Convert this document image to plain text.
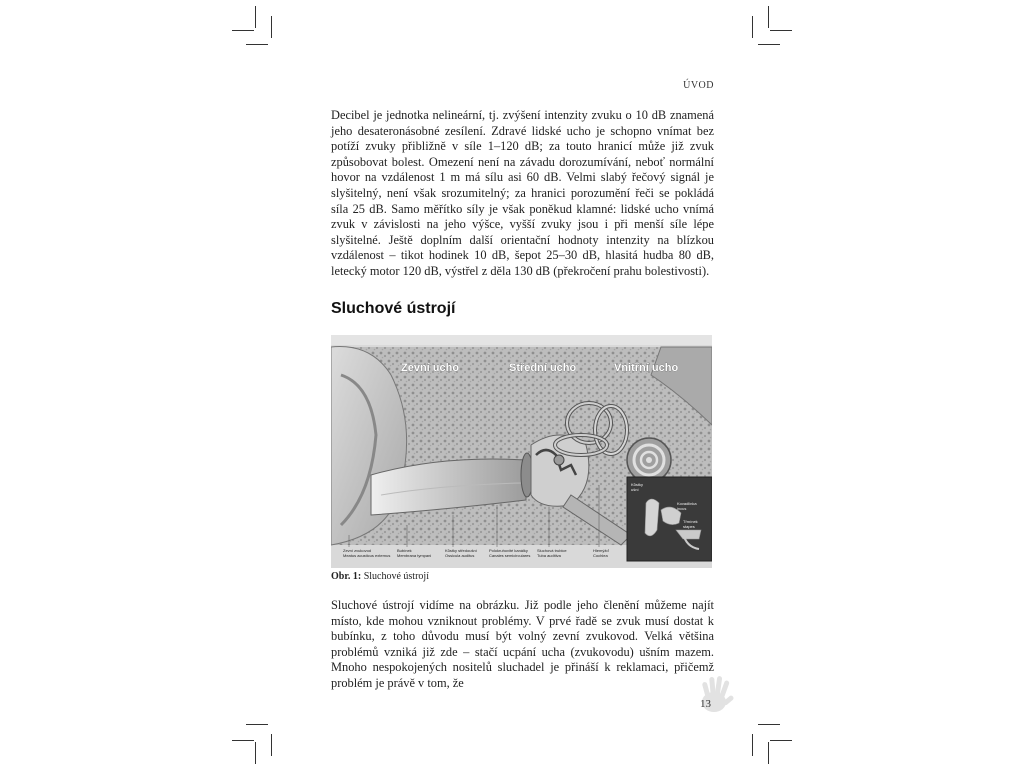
ÚVOD

Decibel je jednotka nelineární, tj. zvýšení intenzity zvuku o 10 dB znamená jeho desateronásobné zesílení. Zdravé lidské ucho je schopno vnímat bez potíží zvuky přibližně v síle 1–120 dB; za touto hranicí může již zvuk způsobovat bolest. Omezení není na závadu dorozumívání, neboť normální hovor na vzdálenost 1 m má sílu asi 60 dB. Velmi slabý řečový signál je slyšitelný, není však srozumitelný; za hranici porozumění řeči se pokládá síla 25 dB. Samo měřítko síly je však poněkud klamné: lidské ucho vnímá zvuk v závislosti na jeho výšce, vyšší zvuky jsou i při menší síle lépe slyšitelné. Ještě doplním další orientační hodnoty intenzity na blízkou vzdálenost – tikot hodinek 10 dB, šepot 25–30 dB, hlasitá hudba 80 dB, letecký motor 120 dB, výstřel z děla 130 dB (překročení prahu bolestivosti).

Sluchové ústrojí
Zevní ucho	Střední ucho	Vnitřní ucho
Kůstky
ušní
Kovadlinka
incus
Třmínek
stapes
Zevní zvukovod
Meatus acusticus externus
Bubínek
Membrana tympani
Kůstky středoušní
Ossicula auditus
Polokruhovité kanálky
Canales semicirculares
Sluchová trubice
Tuba auditiva
Hlemýžď
Cochlea

Obr. 1: Sluchové ústrojí

Sluchové ústrojí vidíme na obrázku. Již podle jeho členění můžeme najít místo, kde mohou vzniknout problémy. V prvé řadě se zvuk musí dostat k bubínku, z toho důvodu musí být volný zevní zvukovod. Velká většina problémů vzniká již zde – stačí ucpání ucha (zvukovodu) ušním mazem. Mnoho nespokojených nositelů sluchadel je přináší k reklamaci, přičemž problém je právě v tom, že

13
